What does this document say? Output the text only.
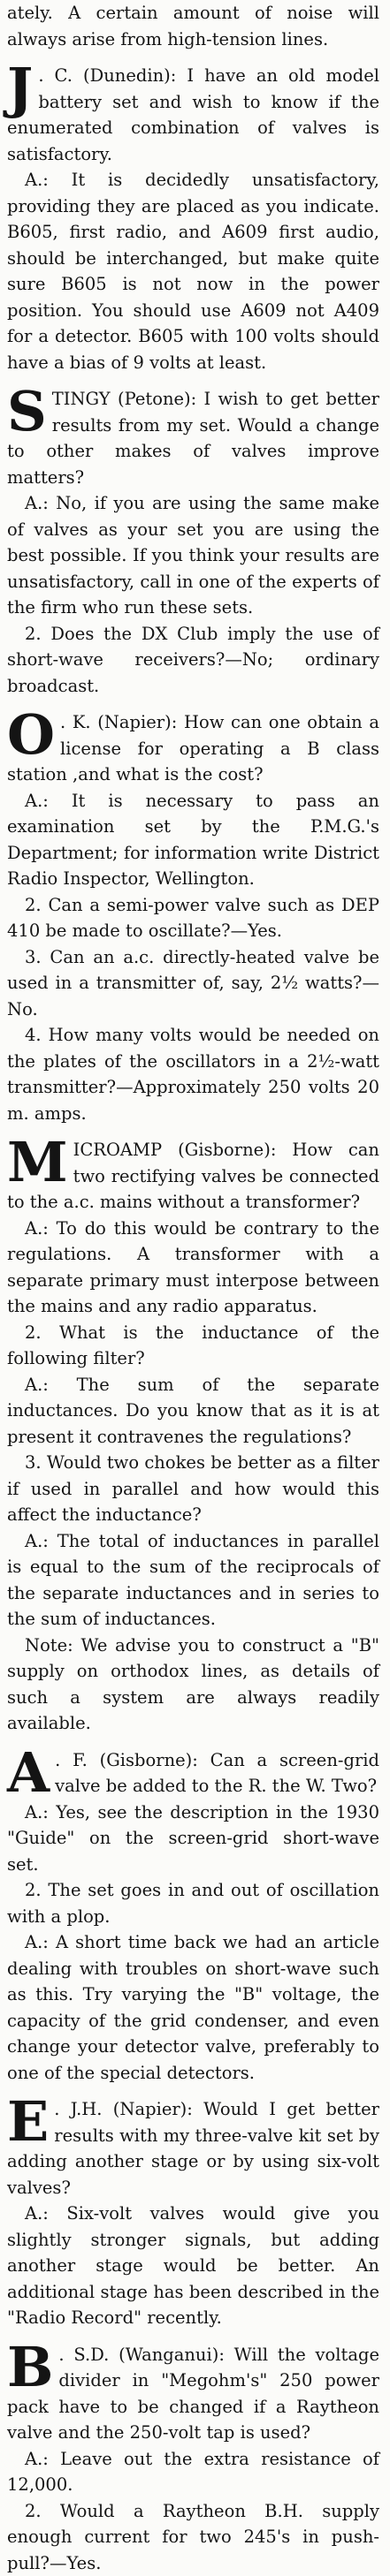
ately. A certain amount of noise will always arise from high-tension lines.

J . C. (Dunedin): I have an old model battery set and wish to know if the enumerated combination of valves is satisfactory.

A.: It is decidedly unsatisfactory, providing they are placed as you indicate. B605, first radio, and A609 first audio, should be interchanged, but make quite sure B605 is not now in the power position. You should use A609 not A409 for a detector. B605 with 100 volts should have a bias of 9 volts at least.

STINGY (Petone): I wish to get better results from my set. Would a change to other makes of valves improve matters?

A.: No, if you are using the same make of valves as your set you are using the best possible. If you think your results are unsatisfactory, call in one of the experts of the firm who run these sets.

2. Does the DX Club imply the use of short-wave receivers?—No; ordinary broadcast.

O . K. (Napier): How can one obtain a license for operating a B class station ,and what is the cost?

A.: It is necessary to pass an examination set by the P.M.G.'s Department; for information write District Radio Inspector, Wellington.

2. Can a semi-power valve such as DEP 410 be made to oscillate?—Yes.

3. Can an a.c. directly-heated valve be used in a transmitter of, say, 2½ watts?—No.

4. How many volts would be needed on the plates of the oscillators in a 2½-watt transmitter?—Approximately 250 volts 20 m. amps.

MICROAMP (Gisborne): How can two rectifying valves be connected to the a.c. mains without a transformer?

A.: To do this would be contrary to the regulations. A transformer with a separate primary must interpose between the mains and any radio apparatus.

2. What is the inductance of the following filter?

A.: The sum of the separate inductances. Do you know that as it is at present it contravenes the regulations?

3. Would two chokes be better as a filter if used in parallel and how would this affect the inductance?

A.: The total of inductances in parallel is equal to the sum of the reciprocals of the separate inductances and in series to the sum of inductances.

Note: We advise you to construct a "B" supply on orthodox lines, as details of such a system are always readily available.

A . F. (Gisborne): Can a screen-grid valve be added to the R. the W. Two?

A.: Yes, see the description in the 1930 "Guide" on the screen-grid short-wave set.

2. The set goes in and out of oscillation with a plop.

A.: A short time back we had an article dealing with troubles on short-wave such as this. Try varying the "B" voltage, the capacity of the grid condenser, and even change your detector valve, preferably to one of the special detectors.

E . J.H. (Napier): Would I get better results with my three-valve kit set by adding another stage or by using six-volt valves?

A.: Six-volt valves would give you slightly stronger signals, but adding another stage would be better. An additional stage has been described in the "Radio Record" recently.

B . S.D. (Wanganui): Will the voltage divider in "Megohm's" 250 power pack have to be changed if a Raytheon valve and the 250-volt tap is used?

A.: Leave out the extra resistance of 12,000.

2. Would a Raytheon B.H. supply enough current for two 245's in push-pull?—Yes.
